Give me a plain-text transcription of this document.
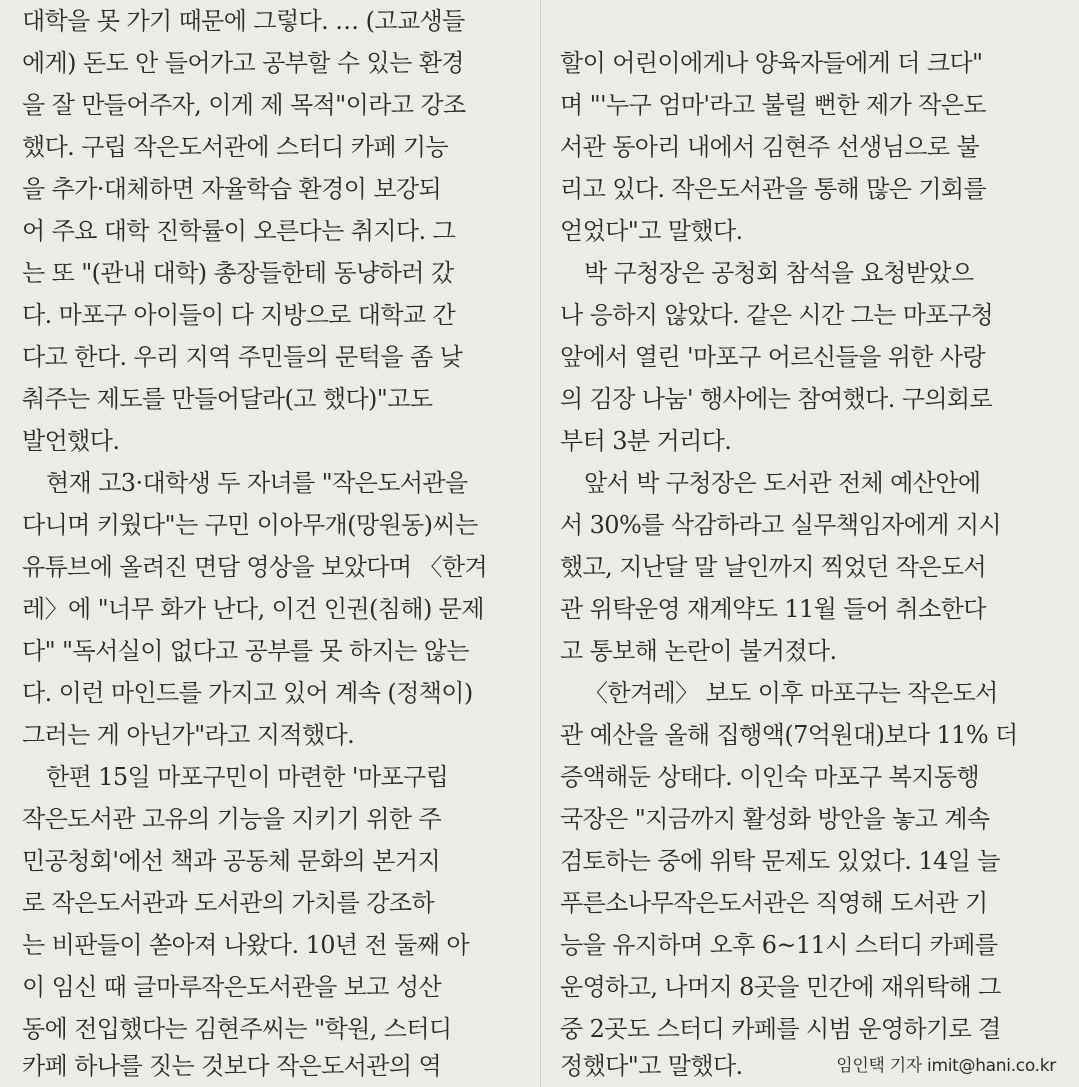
대학을 못 가기 때문에 그렇다. … (고교생들
에게) 돈도 안 들어가고 공부할 수 있는 환경
을 잘 만들어주자, 이게 제 목적"이라고 강조
했다. 구립 작은도서관에 스터디 카페 기능
을 추가·대체하면 자율학습 환경이 보강되
어 주요 대학 진학률이 오른다는 취지다. 그
는 또 "(관내 대학) 총장들한테 동냥하러 갔
다. 마포구 아이들이 다 지방으로 대학교 간
다고 한다. 우리 지역 주민들의 문턱을 좀 낮
춰주는 제도를 만들어달라(고 했다)"고도
발언했다.
현재 고3·대학생 두 자녀를 "작은도서관을
다니며 키웠다"는 구민 이아무개(망원동)씨는
유튜브에 올려진 면담 영상을 보았다며 〈한겨
레〉에 "너무 화가 난다, 이건 인권(침해) 문제
다" "독서실이 없다고 공부를 못 하지는 않는
다. 이런 마인드를 가지고 있어 계속 (정책이)
그러는 게 아닌가"라고 지적했다.
한편 15일 마포구민이 마련한 '마포구립
작은도서관 고유의 기능을 지키기 위한 주
민공청회'에선 책과 공동체 문화의 본거지
로 작은도서관과 도서관의 가치를 강조하
는 비판들이 쏟아져 나왔다. 10년 전 둘째 아
이 임신 때 글마루작은도서관을 보고 성산
동에 전입했다는 김현주씨는 "학원, 스터디
카페 하나를 짓는 것보다 작은도서관의 역
할이 어린이에게나 양육자들에게 더 크다"
며 "'누구 엄마'라고 불릴 뻔한 제가 작은도
서관 동아리 내에서 김현주 선생님으로 불
리고 있다. 작은도서관을 통해 많은 기회를
얻었다"고 말했다.
박 구청장은 공청회 참석을 요청받았으
나 응하지 않았다. 같은 시간 그는 마포구청
앞에서 열린 '마포구 어르신들을 위한 사랑
의 김장 나눔' 행사에는 참여했다. 구의회로
부터 3분 거리다.
앞서 박 구청장은 도서관 전체 예산안에
서 30%를 삭감하라고 실무책임자에게 지시
했고, 지난달 말 날인까지 찍었던 작은도서
관 위탁운영 재계약도 11월 들어 취소한다
고 통보해 논란이 불거졌다.
〈한겨레〉 보도 이후 마포구는 작은도서
관 예산을 올해 집행액(7억원대)보다 11% 더
증액해둔 상태다. 이인숙 마포구 복지동행
국장은 "지금까지 활성화 방안을 놓고 계속
검토하는 중에 위탁 문제도 있었다. 14일 늘
푸른소나무작은도서관은 직영해 도서관 기
능을 유지하며 오후 6~11시 스터디 카페를
운영하고, 나머지 8곳을 민간에 재위탁해 그
중 2곳도 스터디 카페를 시범 운영하기로 결
정했다"고 말했다.	임인택 기자 imit@hani.co.kr
